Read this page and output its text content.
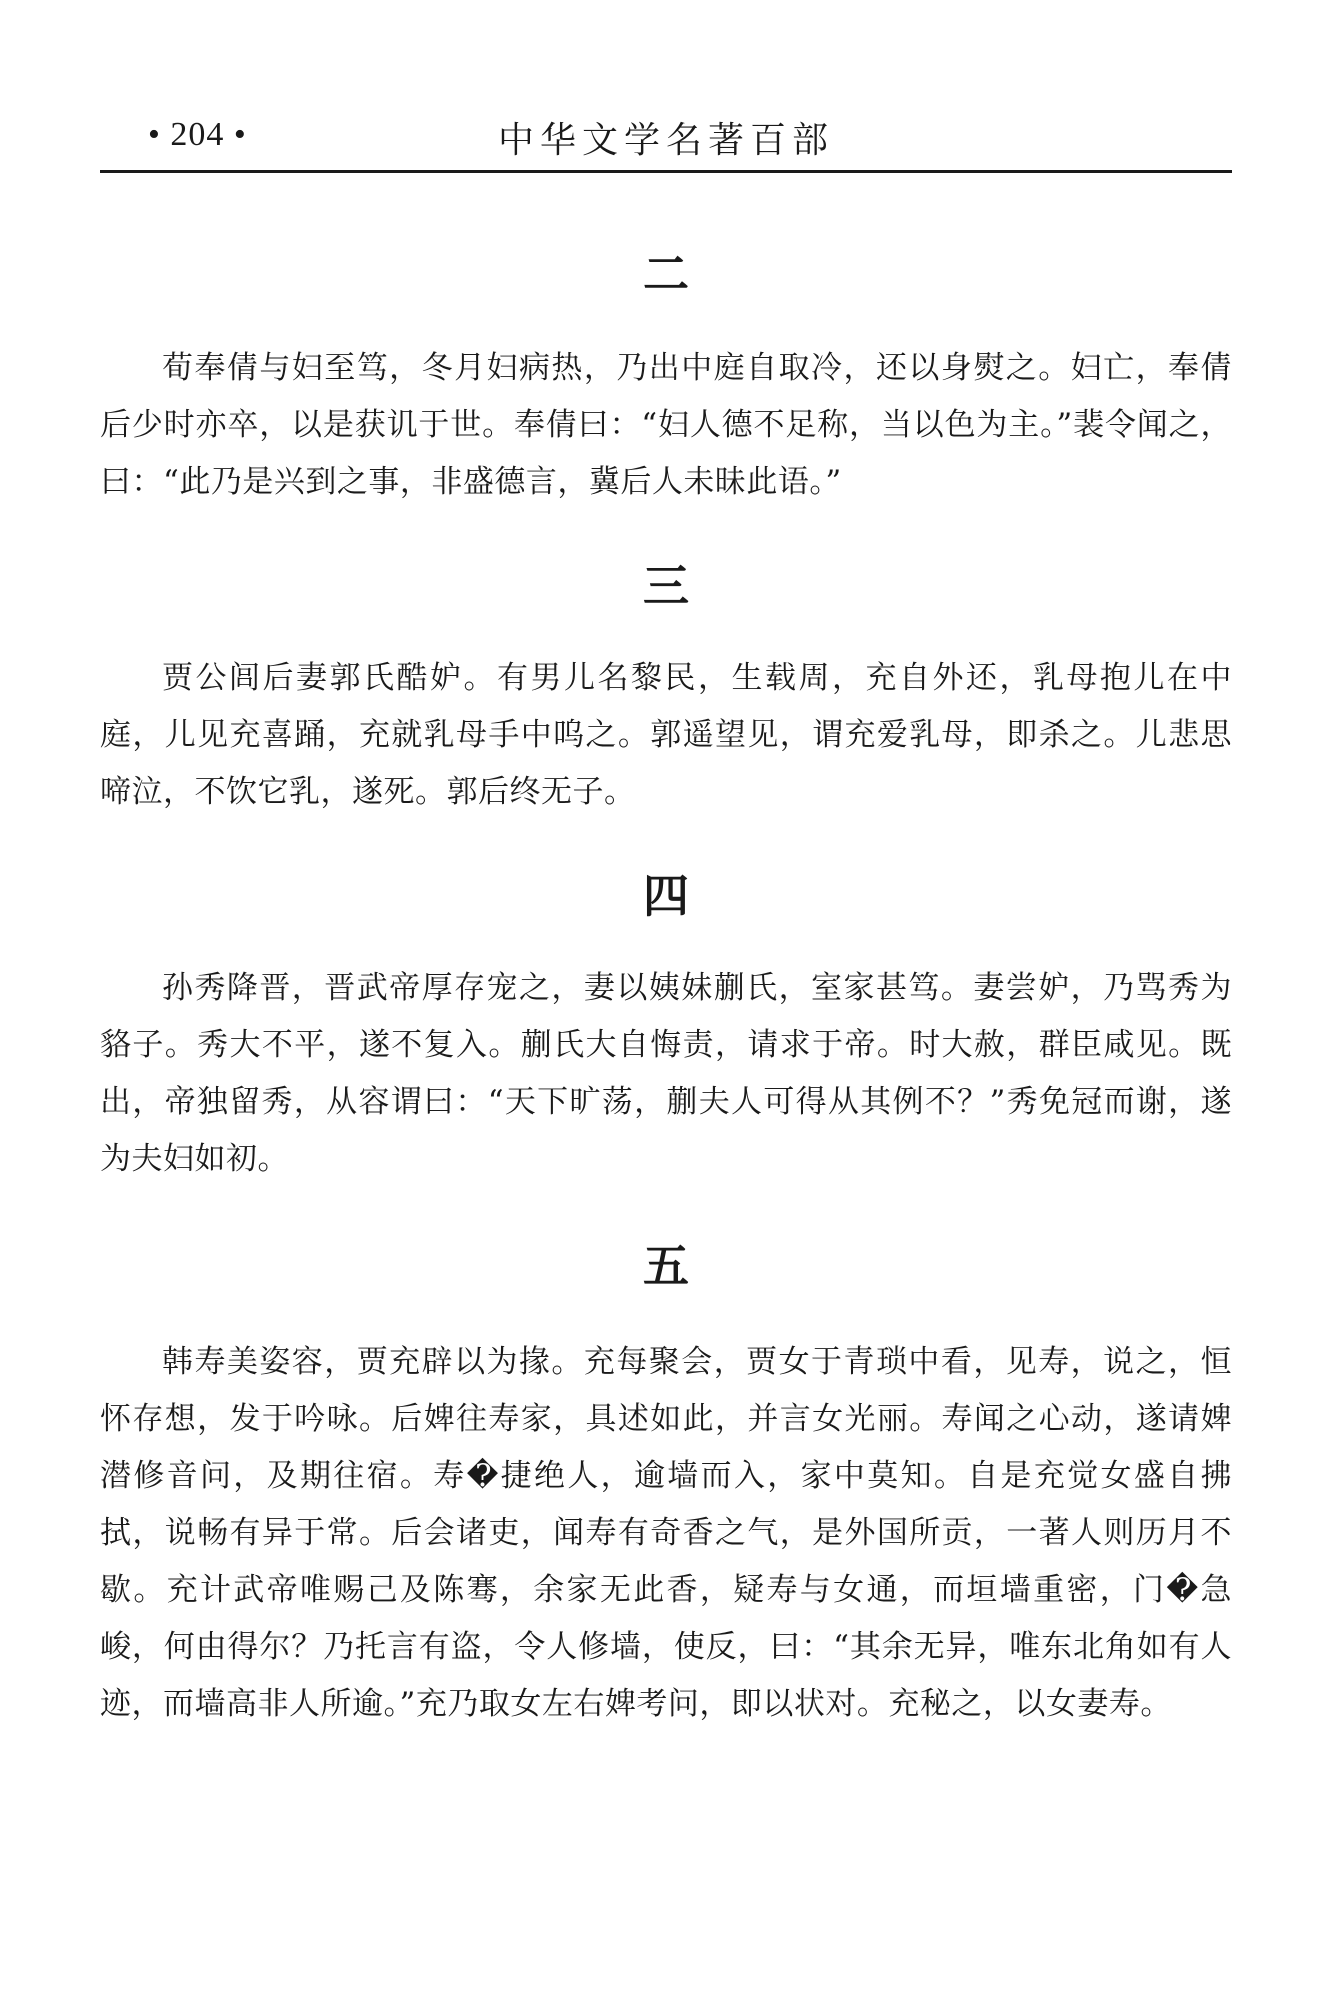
• 204 •	中华文学名著百部
二

荀奉倩与妇至笃，冬月妇病热，乃出中庭自取冷，还以身熨之。妇亡，奉倩后少时亦卒，以是获讥于世。奉倩曰：“妇人德不足称，当以色为主。”裴令闻之，曰：“此乃是兴到之事，非盛德言，冀后人未昧此语。”

三

贾公闾后妻郭氏酷妒。有男儿名黎民，生载周，充自外还，乳母抱儿在中庭，儿见充喜踊，充就乳母手中呜之。郭遥望见，谓充爱乳母，即杀之。儿悲思啼泣，不饮它乳，遂死。郭后终无子。

四

孙秀降晋，晋武帝厚存宠之，妻以姨妹蒯氏，室家甚笃。妻尝妒，乃骂秀为貉子。秀大不平，遂不复入。蒯氏大自悔责，请求于帝。时大赦，群臣咸见。既出，帝独留秀，从容谓曰：“天下旷荡，蒯夫人可得从其例不？”秀免冠而谢，遂为夫妇如初。

五

韩寿美姿容，贾充辟以为掾。充每聚会，贾女于青琐中看，见寿，说之，恒怀存想，发于吟咏。后婢往寿家，具述如此，并言女光丽。寿闻之心动，遂请婢潜修音问，及期往宿。寿�捷绝人，逾墙而入，家中莫知。自是充觉女盛自拂拭，说畅有异于常。后会诸吏，闻寿有奇香之气，是外国所贡，一著人则历月不歇。充计武帝唯赐己及陈骞，余家无此香，疑寿与女通，而垣墙重密，门�急峻，何由得尔？乃托言有盗，令人修墙，使反，曰：“其余无异，唯东北角如有人迹，而墙高非人所逾。”充乃取女左右婢考问，即以状对。充秘之，以女妻寿。
